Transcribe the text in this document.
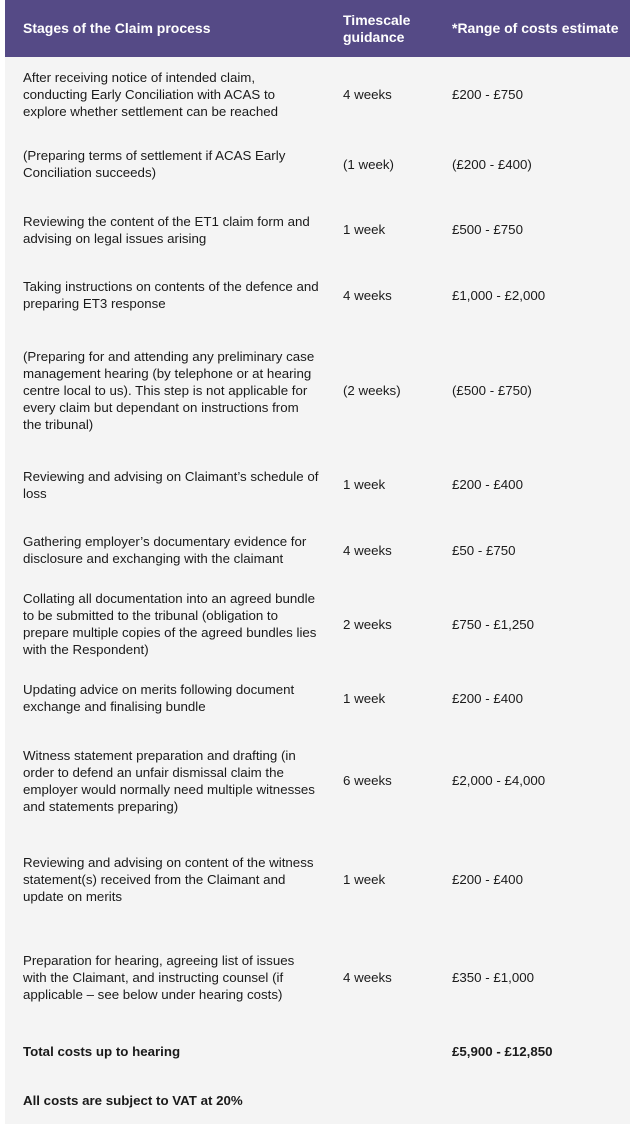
Stages of the Claim process	Timescale guidance	*Range of costs estimate
After receiving notice of intended claim, conducting Early Conciliation with ACAS to explore whether settlement can be reached	4 weeks	£200 - £750
(Preparing terms of settlement if ACAS Early Conciliation succeeds)	(1 week)	(£200 - £400)
Reviewing the content of the ET1 claim form and advising on legal issues arising	1 week	£500 - £750
Taking instructions on contents of the defence and preparing ET3 response	4 weeks	£1,000 - £2,000
(Preparing for and attending any preliminary case management hearing (by telephone or at hearing centre local to us). This step is not applicable for every claim but dependant on instructions from the tribunal)	(2 weeks)	(£500 - £750)
Reviewing and advising on Claimant’s schedule of loss	1 week	£200 - £400
Gathering employer’s documentary evidence for disclosure and exchanging with the claimant	4 weeks	£50 - £750
Collating all documentation into an agreed bundle to be submitted to the tribunal (obligation to prepare multiple copies of the agreed bundles lies with the Respondent)	2 weeks	£750 - £1,250
Updating advice on merits following document exchange and finalising bundle	1 week	£200 - £400
Witness statement preparation and drafting (in order to defend an unfair dismissal claim the employer would normally need multiple witnesses and statements preparing)	6 weeks	£2,000 - £4,000
Reviewing and advising on content of the witness statement(s) received from the Claimant and update on merits	1 week	£200 - £400
Preparation for hearing, agreeing list of issues with the Claimant, and instructing counsel (if applicable – see below under hearing costs)	4 weeks	£350 - £1,000
Total costs up to hearing		£5,900 - £12,850
All costs are subject to VAT at 20%		
